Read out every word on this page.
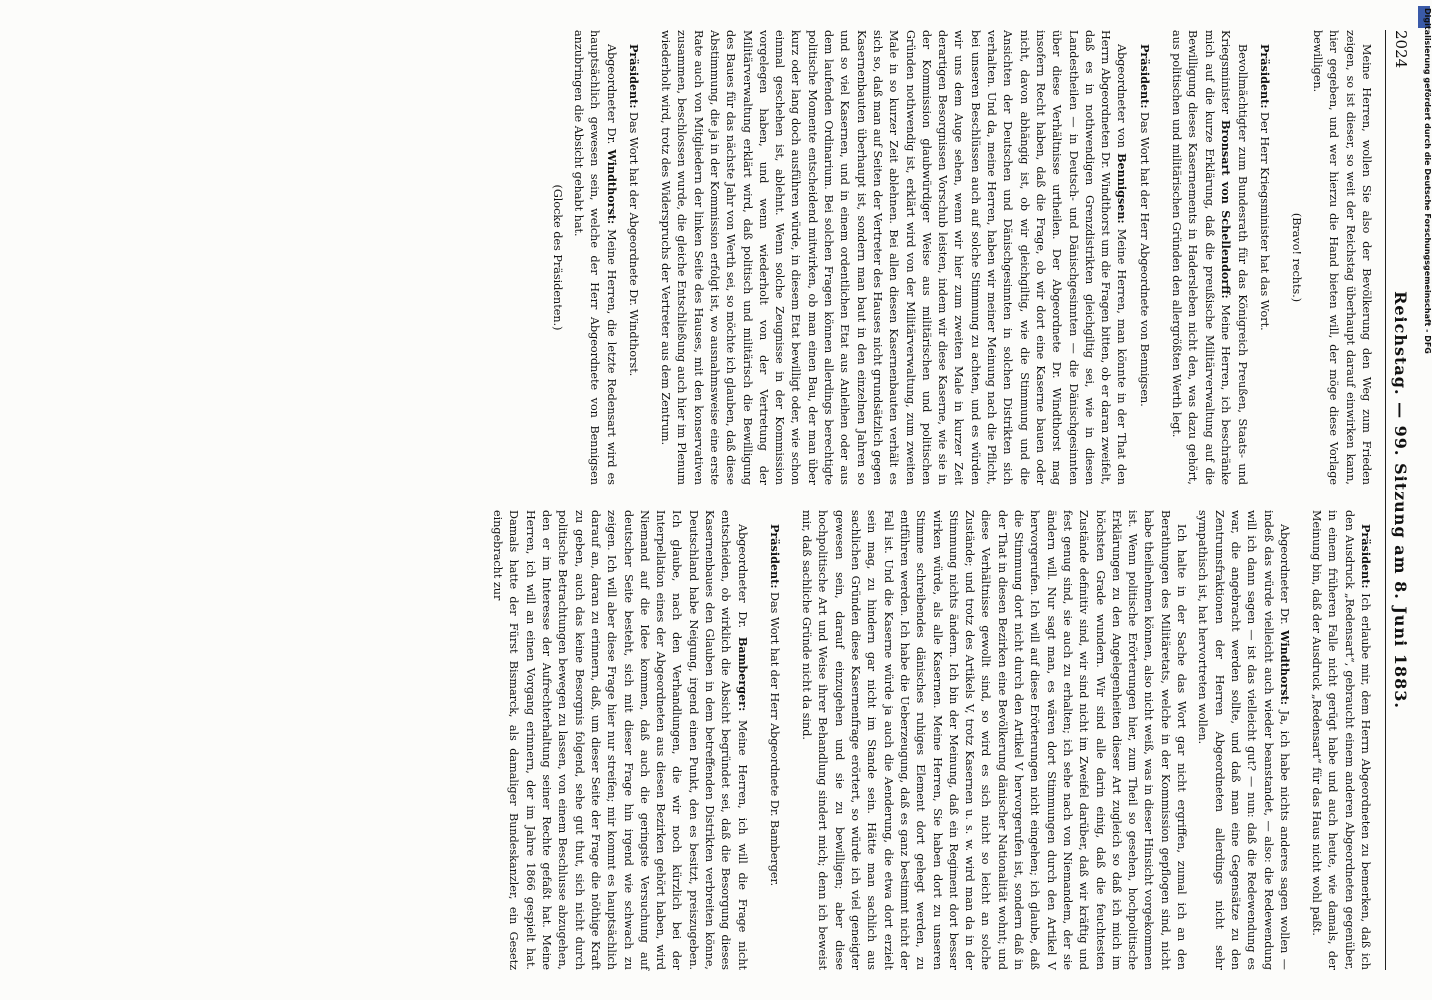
2024
Reichstag. — 99. Sitzung am 8. Juni 1883.

Meine Herren, wollen Sie also der Bevölkerung den Weg zum Frieden zeigen, so ist dieser, so weit der Reichstag überhaupt darauf einwirken kann, hier gegeben, und wer hierzu die Hand bieten will, der möge diese Vorlage bewilligen.

(Bravo! rechts.)

Präsident: Der Herr Kriegsminister hat das Wort.

Bevollmächtigter zum Bundesrath für das Königreich Preußen, Staats- und Kriegsminister Bronsart von Schellendorff: Meine Herren, ich beschränke mich auf die kurze Erklärung, daß die preußische Militärverwaltung auf die Bewilligung dieses Kasernements in Hadersleben nicht den, was dazu gehört, aus politischen und militärischen Gründen den allergrößten Werth legt.

Präsident: Das Wort hat der Herr Abgeordnete von Bennigsen.

Abgeordneter von Bennigsen: Meine Herren, man könnte in der That den Herrn Abgeordneten Dr. Windthorst um die Fragen bitten, ob er daran zweifelt, daß es in nothwendigen Grenzdistrikten gleichgiltig sei, wie in diesen Landestheilen — in Deutsch- und Dänischgesinnten — die Dänischgesinnten über diese Verhältnisse urtheilen. Der Abgeordnete Dr. Windthorst mag insofern Recht haben, daß die Frage, ob wir dort eine Kaserne bauen oder nicht, davon abhängig ist, ob wir gleichgiltig, wie die Stimmung und die Ansichten der Deutschen und Dänischgesinnten in solchen Distrikten sich verhalten. Und da, meine Herren, haben wir meiner Meinung nach die Pflicht, bei unseren Beschlüssen auch auf solche Stimmung zu achten, und es würden wir uns dem Auge sehen, wenn wir hier zum zweiten Male in kurzer Zeit derartigen Besorgnissen Vorschub leisten, indem wir diese Kaserne, wie sie in der Kommission glaubwürdiger Weise aus militärischen und politischen Gründen nothwendig ist, erklärt wird von der Militärverwaltung, zum zweiten Male in so kurzer Zeit ablehnen. Bei allen diesen Kasernenbauten verhält es sich so, daß man auf Seiten der Vertreter des Hauses nicht grundsätzlich gegen Kasernenbauten überhaupt ist, sondern man baut in den einzelnen Jahren so und so viel Kasernen, und in einem ordentlichen Etat aus Anleihen oder aus dem laufenden Ordinarium. Bei solchen Fragen können allerdings berechtigte politische Momente entscheidend mitwirken, ob man einen Bau, der man über kurz oder lang doch ausführen würde, in diesem Etat bewilligt oder, wie schon einmal geschehen ist, ablehnt. Wenn solche Zeugnisse in der Kommission vorgelegen haben, und wenn wiederholt von der Vertretung der Militärverwaltung erklärt wird, daß politisch und militärisch die Bewilligung des Baues für das nächste Jahr von Werth sei, so möchte ich glauben, daß diese Abstimmung, die ja in der Kommission erfolgt ist, wo ausnahmsweise eine erste Rate auch von Mitgliedern der linken Seite des Hauses, mit den konservativen zusammen, beschlossen wurde, die gleiche Entschließung auch hier im Plenum wiederholt wird, trotz des Widerspruchs der Vertreter aus dem Zentrum.

Präsident: Das Wort hat der Abgeordnete Dr. Windthorst.

Abgeordneter Dr. Windthorst: Meine Herren, die letzte Redensart wird es hauptsächlich gewesen sein, welche der Herr Abgeordnete von Bennigsen anzubringen die Absicht gehabt hat.

(Glocke des Präsidenten.)

Präsident: Ich erlaube mir, dem Herrn Abgeordneten zu bemerken, daß ich den Ausdruck „Redensart“, gebraucht einem anderen Abgeordneten gegenüber, in einem früheren Falle nicht gerügt habe und auch heute, wie damals, der Meinung bin, daß der Ausdruck „Redensart“ für das Haus nicht wohl paßt.

Abgeordneter Dr. Windthorst: Ja, ich habe nichts anderes sagen wollen — indeß das würde vielleicht auch wieder beanstandet, — also: die Redewendung will ich dann sagen — ist das vielleicht gut? — nun: daß die Redewendung es war, die angebracht werden sollte, und daß man eine Gegensätze zu den Zentrumsfraktionen der Herren Abgeordneten allerdings nicht sehr sympathisch ist, hat hervortreten wollen.

Ich halte in der Sache das Wort gar nicht ergriffen, zumal ich an den Berathungen des Militäretats, welche in der Kommission gepflogen sind, nicht habe theilnehmen können, also nicht weiß, was in dieser Hinsicht vorgekommen ist. Wenn politische Erörterungen hier, zum Theil so gesehen, hochpolitische Erklärungen zu den Angelegenheiten dieser Art zugleich so daß ich mich im höchsten Grade wundern. Wir sind alle darin einig, daß die feuchtesten Zustände definitiv sind, wir sind nicht im Zweifel darüber, daß wir kräftig und fest genug sind, sie auch zu erhalten; ich sehe nach von Niemandem, der sie ändern will. Nur sagt man, es wären dort Stimmungen durch den Artikel V hervorgerufen. Ich will auf diese Erörterungen nicht eingehen; ich glaube, daß die Stimmung dort nicht durch den Artikel V hervorgerufen ist, sondern daß in der That in diesen Bezirken eine Bevölkerung dänischer Nationalität wohnt; und diese Verhältnisse gewollt sind, so wird es sich nicht so leicht an solche Zustände; und trotz des Artikels V, trotz Kasernen u. s. w. wird man da in der Stimmung nichts ändern. Ich bin der Meinung, daß ein Regiment dort besser wirken würde, als alle Kasernen. Meine Herren, Sie haben dort zu unseren Stimme schreibendes dänisches ruhiges Element dort gehegt werden, zu entführen werden. Ich habe die Ueberzeugung, daß es ganz bestimmt nicht der Fall ist. Und die Kaserne würde ja auch die Aenderung, die etwa dort erzielt sein mag, zu hindern gar nicht im Stande sein. Hätte man sachlich aus sachlichen Gründen diese Kasernenfrage erörtert, so würde ich viel geneigter gewesen sein, darauf einzugehen und sie zu bewilligen; aber diese hochpolitische Art und Weise ihrer Behandlung sindert mich; denn ich beweist mir, daß sachliche Gründe nicht da sind.

Präsident: Das Wort hat der Herr Abgeordnete Dr. Bamberger.

Abgeordneter Dr. Bamberger: Meine Herren, ich will die Frage nicht entscheiden, ob wirklich die Absicht begründet sei, daß die Besorgung dieses Kasernenbaues den Glauben in dem betreffenden Distrikten verbreiten könne, Deutschland habe Neigung, irgend einen Punkt, den es besitzt, preiszugeben. Ich glaube, nach den Verhandlungen, die wir noch kürzlich bei der Interpellation eines der Abgeordneten aus diesen Bezirken gehört haben, wird Niemand auf die Idee kommen, daß auch die geringste Versuchung auf deutscher Seite besteht, sich mit dieser Frage hin irgend wie schwach zu zeigen. Ich will aber diese Frage hier nur streifen; mir kommt es hauptsächlich darauf an, daran zu erinnern, daß, um dieser Seite der Frage die nöthige Kraft zu geben, auch das keine Besorgnis folgend, sehe gut thut, sich nicht durch politische Betrachtungen bewegen zu lassen, von einem Beschlusse abzugehen, den er im Interesse der Aufrechterhaltung seiner Rechte gefaßt hat. Meine Herren, ich will an einen Vorgang erinnern, der im Jahre 1866 gespielt hat. Damals hatte der Fürst Bismarck, als damaliger Bundeskanzler, ein Gesetz eingebracht zur

Digitalisierung gefördert durch die Deutsche Forschungsgemeinschaft - DFG
